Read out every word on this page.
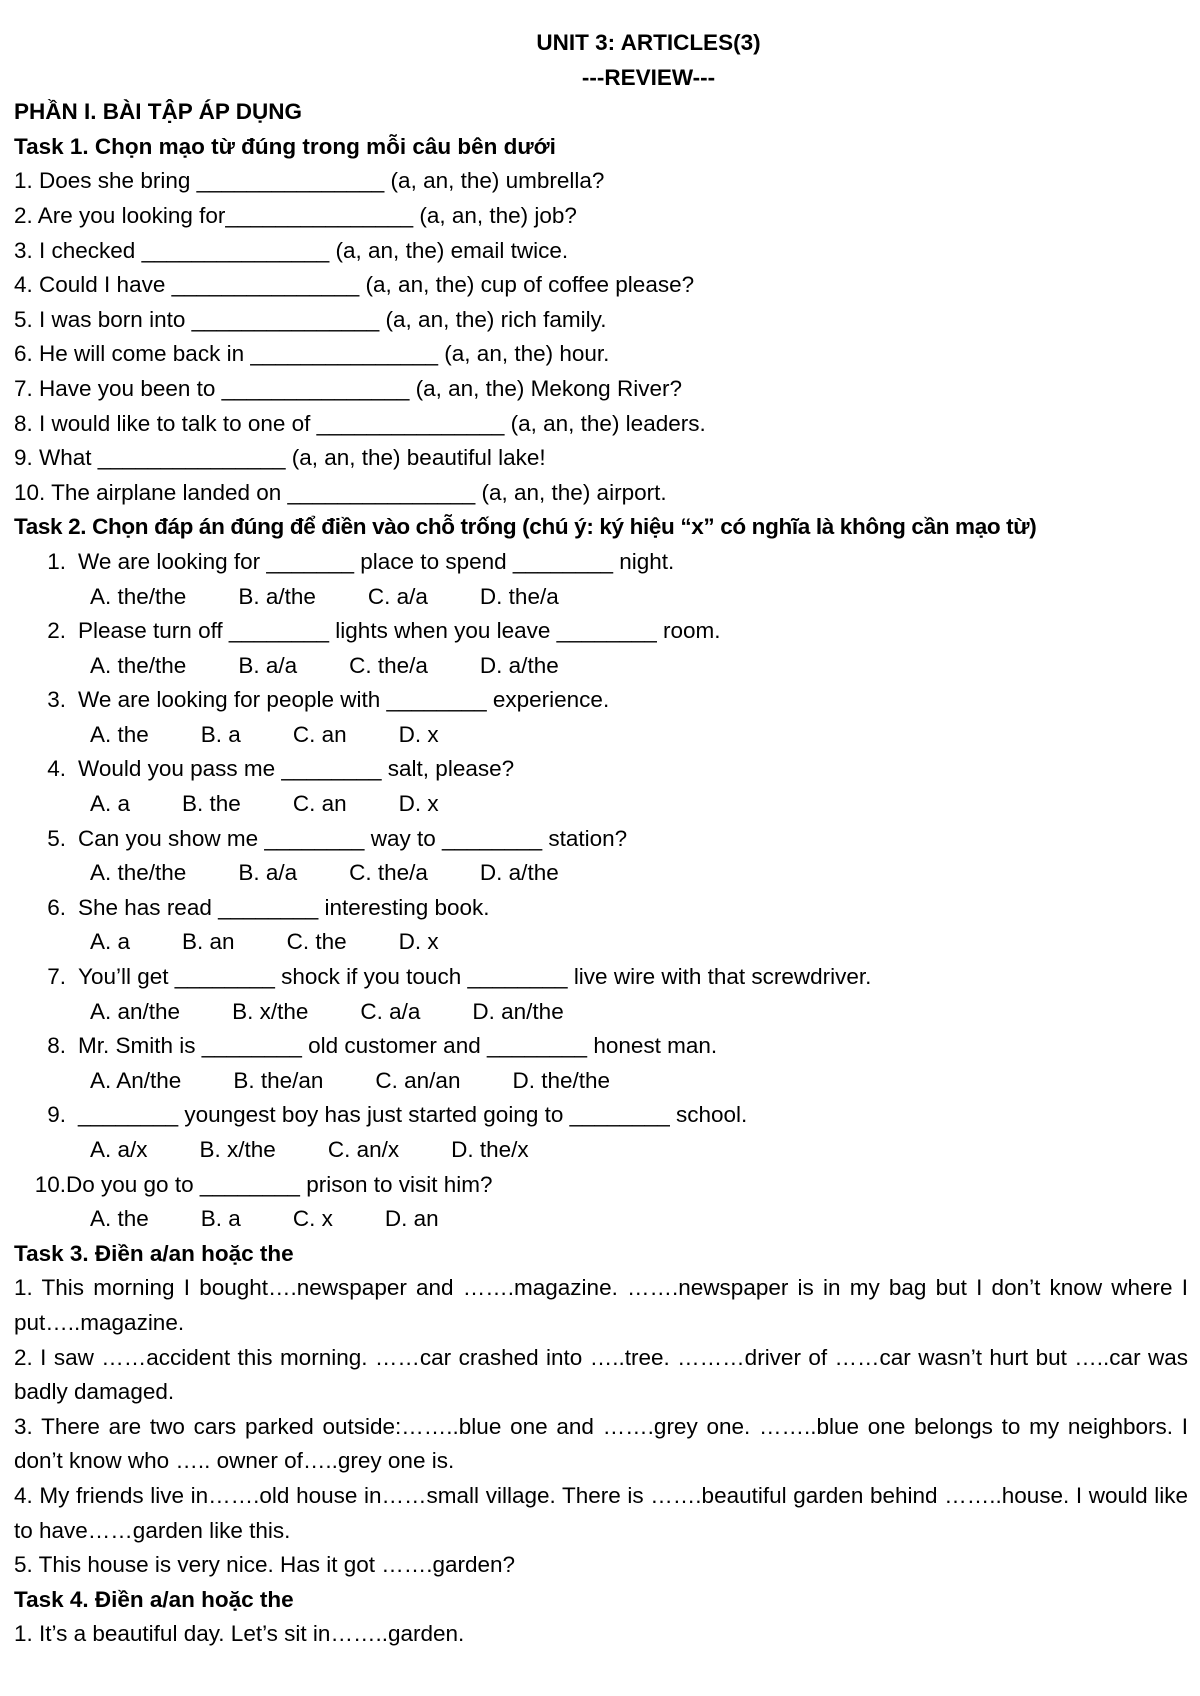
UNIT 3: ARTICLES(3)
---REVIEW---
PHẦN I. BÀI TẬP ÁP DỤNG
Task 1. Chọn mạo từ đúng trong mỗi câu bên dưới
1. Does she bring _______________ (a, an, the) umbrella?
2. Are you looking for_______________ (a, an, the) job?
3. I checked _______________ (a, an, the) email twice.
4. Could I have _______________ (a, an, the) cup of coffee please?
5. I was born into _______________ (a, an, the) rich family.
6. He will come back in _______________ (a, an, the) hour.
7. Have you been to _______________ (a, an, the) Mekong River?
8. I would like to talk to one of _______________ (a, an, the) leaders.
9. What _______________ (a, an, the) beautiful lake!
10. The airplane landed on _______________ (a, an, the) airport.
Task 2. Chọn đáp án đúng để điền vào chỗ trống (chú ý: ký hiệu “x” có nghĩa là không cần mạo từ)
1. We are looking for _______ place to spend ________ night.
A. the/the B. a/the C. a/a D. the/a
2. Please turn off ________ lights when you leave ________ room.
A. the/the B. a/a C. the/a D. a/the
3. We are looking for people with ________ experience.
A. the B. a C. an D. x
4. Would you pass me ________ salt, please?
A. a B. the C. an D. x
5. Can you show me ________ way to ________ station?
A. the/the B. a/a C. the/a D. a/the
6. She has read ________ interesting book.
A. a B. an C. the D. x
7. You’ll get ________ shock if you touch ________ live wire with that screwdriver.
A. an/the B. x/the C. a/a D. an/the
8. Mr. Smith is ________ old customer and ________ honest man.
A. An/the B. the/an C. an/an D. the/the
9. ________ youngest boy has just started going to ________ school.
A. a/x B. x/the C. an/x D. the/x
10. Do you go to ________ prison to visit him?
A. the B. a C. x D. an
Task 3. Điền a/an hoặc the
1. This morning I bought….newspaper and …….magazine. …….newspaper is in my bag but I don’t know where I put…..magazine.
2. I saw ……accident this morning. ……car crashed into …..tree. ………driver of ……car wasn’t hurt but …..car was badly damaged.
3. There are two cars parked outside:……..blue one and …….grey one. ……..blue one belongs to my neighbors. I don’t know who ….. owner of…..grey one is.
4. My friends live in…….old house in……small village. There is …….beautiful garden behind ……..house. I would like to have……garden like this.
5. This house is very nice. Has it got …….garden?
Task 4. Điền a/an hoặc the
1. It’s a beautiful day. Let’s sit in……..garden.
